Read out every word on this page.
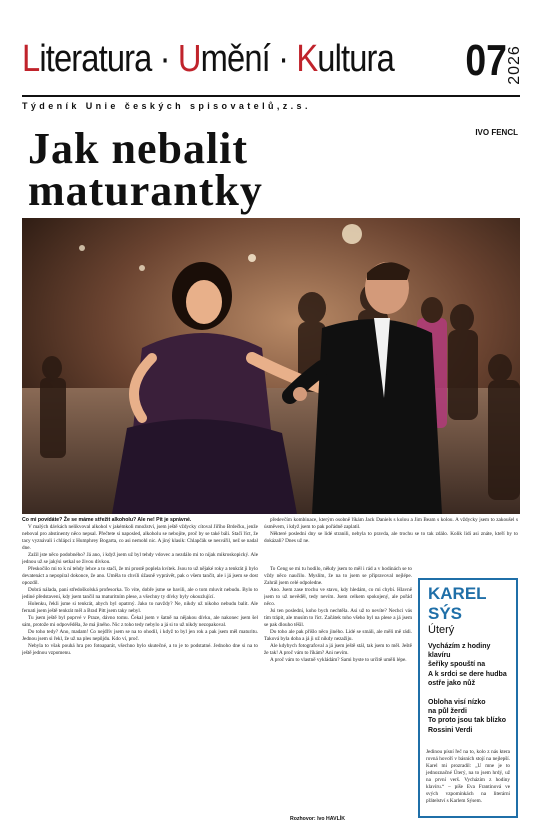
Literatura · Umění · Kultura 07 2026
Týdeník Unie českých spisovatelů,z.s.
IVO FENCL
Jak nebalit
maturantky
Co mi povídáte? Že se máme střežit alkoholu? Ale ne! Pít je správné.

V malých dávkách nelikvoval alkohol v jakémkoli množství, jsem ještě vždycky cítoval Jiřího Brdečku, jenže neboval pro abstinenty něco nepsal. Přečtete si naposled, alkoholu se nebojíte, proč by se také báli. Stačí říct, že tacy vyznávali i chlápci z Humphrey Bogarta, co asi nemohl nic. A jiný klasik: Chlapčák se nesvářil, než se nadal dne.

Zažil jste něco podobného? Já ano, i když jsem už byl tehdy vdovec a nezdálo mi to nijak mikroskopický. Ale jednou už se jakýsi setkal se živou dívkou.

Přeskočilo mi to k ní tehdy lehce a to stačí, že mi prostě poplela kvítek. Jsou to už nějaké roky a tenkrát ji bylo devatenáct a nepopíral dokonce, že ano. Uměla to chvíli úžasně vyprávět, pak o všem tančit, ale i já jsem se dost opozdil.

Dobrá nálada, paní středoškolská profesorka. To víte, dobře jsme se bavili, ale o tom mluvit nebudu. Bylo to jediné představení, kdy jsem tančil na maturitním plese, a všechny ty dívky byly okouzlující.

Holenku, řekli jsme si tenkrát, abych byl opatrný. Jako to navždy? Ne, nikdy už nikoho nebudu balit. Ale fernati jsem ještě tenkrát měl a Brad Pitt jsem taky nebyl.

Tu jsem ještě byl poprvé v Praze, dávno tomu. Čekal jsem v šatně na nějakou dívku, ale nakonec jsem šel sám, protože mi odpověděla, že má jiného. Nic z toho tedy nebylo a já si to už nikdy nezopakoval.

Do toho tedy? Ano, madam! Co nejdřív jsem se na to ohodil, i když to byl jen rok a pak jsem měl maturitu. Jednou jsem si řekl, že už na ples nepůjdu. Kdo ví, proč.

Nebyla to však pouhá hra pro fotoaparát, všechno bylo skutečné, a to je to podstatné. Jednoho dne si na to ještě jednou vzpomenu.

předevčím kombinace, kterým osobně říkám Jack Daniels s kolou a Jim Beam s kolou. A vždycky jsem to zakoušel s úsměvem, i když jsem to pak pořádně zaplatil.

Některé poslední dny se lidé stranili, nebyla to pravda, ale trochu se to tak zdálo. Kolik lidí asi znáte, kteří by to dokázali? Dnes už ne.

To Čeng se mi tu hodilo, někdy jsem to měl i rád a v hodinách se to vždy něco naučilo. Myslím, že na to jsem se připravoval nejlépe. Zahrál jsem celé odpoledne.

Ano. Jsem zase trochu ve stavu, kdy hledám, co mi chybí. Hlavně jsem to už nevěděl, tedy nevím. Jsem celkem spokojený, ale pořád něco.

Jsi ten poslední, koho bych nechtěla. Asi už to nevíte? Nechci vás tím trápit, ale musím to říct. Začátek toho všeho byl na plese a já jsem se pak dlouho těšil.

Do toho ale pak přišlo něco jiného. Lidé se smáli, ale měli mě rádi. Taková byla doba a já ji už nikdy nezažiju.

Ale kdybych fotografoval a já jsem ještě stál, tak jsem to měl. Ještě že tak! A proč vám to říkám? Ani nevím.

A proč vám to vlastně vykládám? Sami byste to určitě uměli lépe.

Rozhovor: Ivo HAVLÍK
KAREL SÝS
Úterý
Vycházím z hodiny klavíru
šeříky spouští na
A k srdci se dere hudba
ostře jako nůž
Obloha visí nízko
na půl žerdi
To proto jsou tak blízko
Rossini Verdi
Jedinou písní řeč na to, kolo z nás ktera rovná hovoří v básních stojí na nejlepší. Karel mi prozradil: „U mne je to jednoznačné Úterý, na to jsem hrdý, už na první verš. Vycházím z hodiny klavíru.“ – píše Eva Frantinová ve svých vzpomínkách na literární přátelství s Karlem Sýsem.
